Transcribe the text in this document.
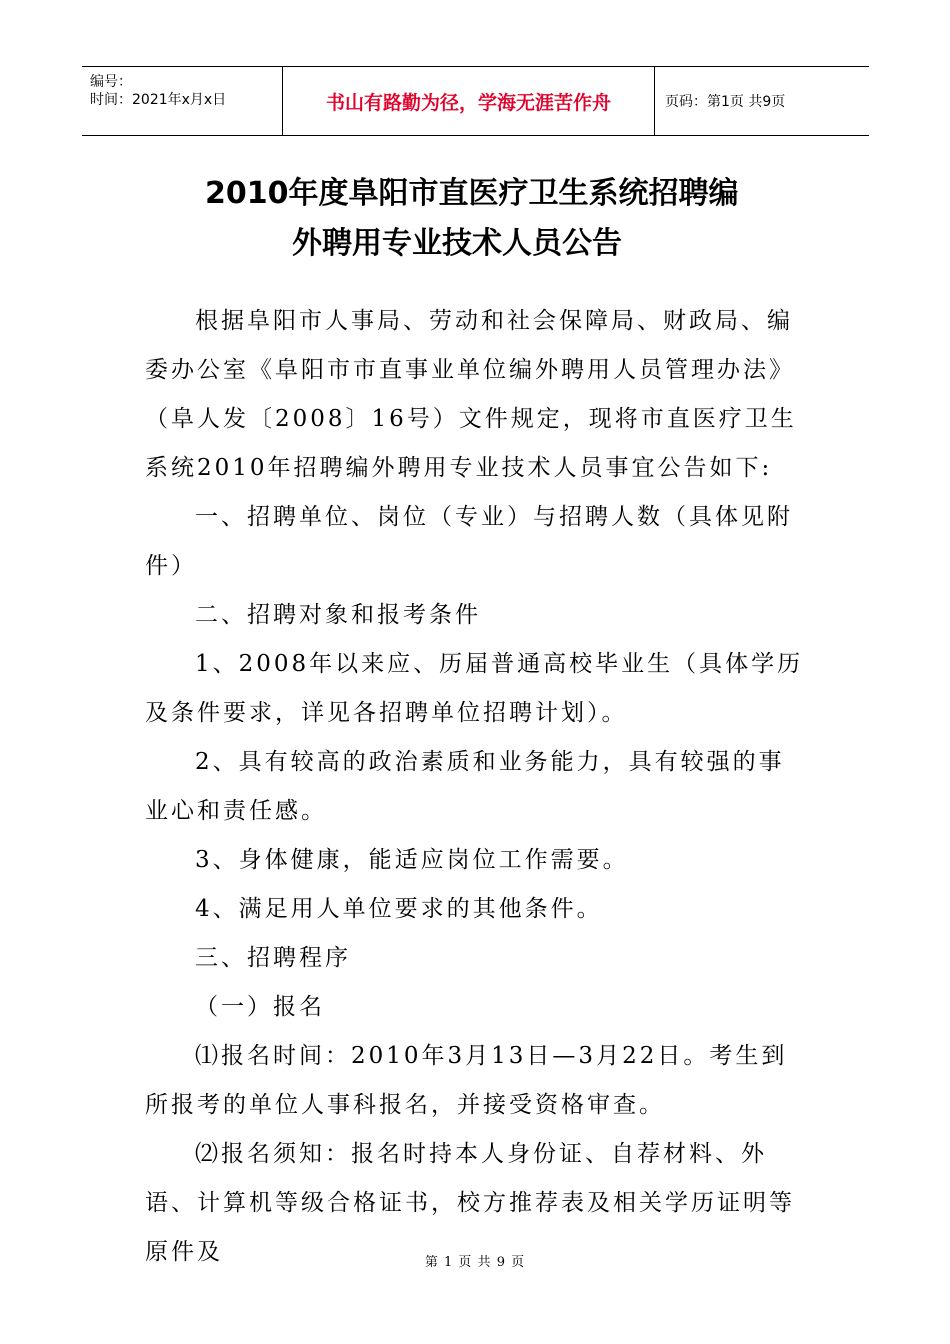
编号：
时间：2021年x月x日	书山有路勤为径，学海无涯苦作舟	页码：第1页 共9页
2010年度阜阳市直医疗卫生系统招聘编
外聘用专业技术人员公告

根据阜阳市人事局、劳动和社会保障局、财政局、编委办公室《阜阳市市直事业单位编外聘用人员管理办法》（阜人发〔2008〕16号）文件规定，现将市直医疗卫生系统2010年招聘编外聘用专业技术人员事宜公告如下:

一、招聘单位、岗位（专业）与招聘人数（具体见附件）

二、招聘对象和报考条件

1、2008年以来应、历届普通高校毕业生（具体学历及条件要求，详见各招聘单位招聘计划）。

2、具有较高的政治素质和业务能力，具有较强的事业心和责任感。

3、身体健康，能适应岗位工作需要。

4、满足用人单位要求的其他条件。

三、招聘程序

（一）报名

⑴报名时间：2010年3月13日—3月22日。考生到所报考的单位人事科报名，并接受资格审查。

⑵报名须知：报名时持本人身份证、自荐材料、外语、计算机等级合格证书，校方推荐表及相关学历证明等原件及	第 1 页 共 9 页
